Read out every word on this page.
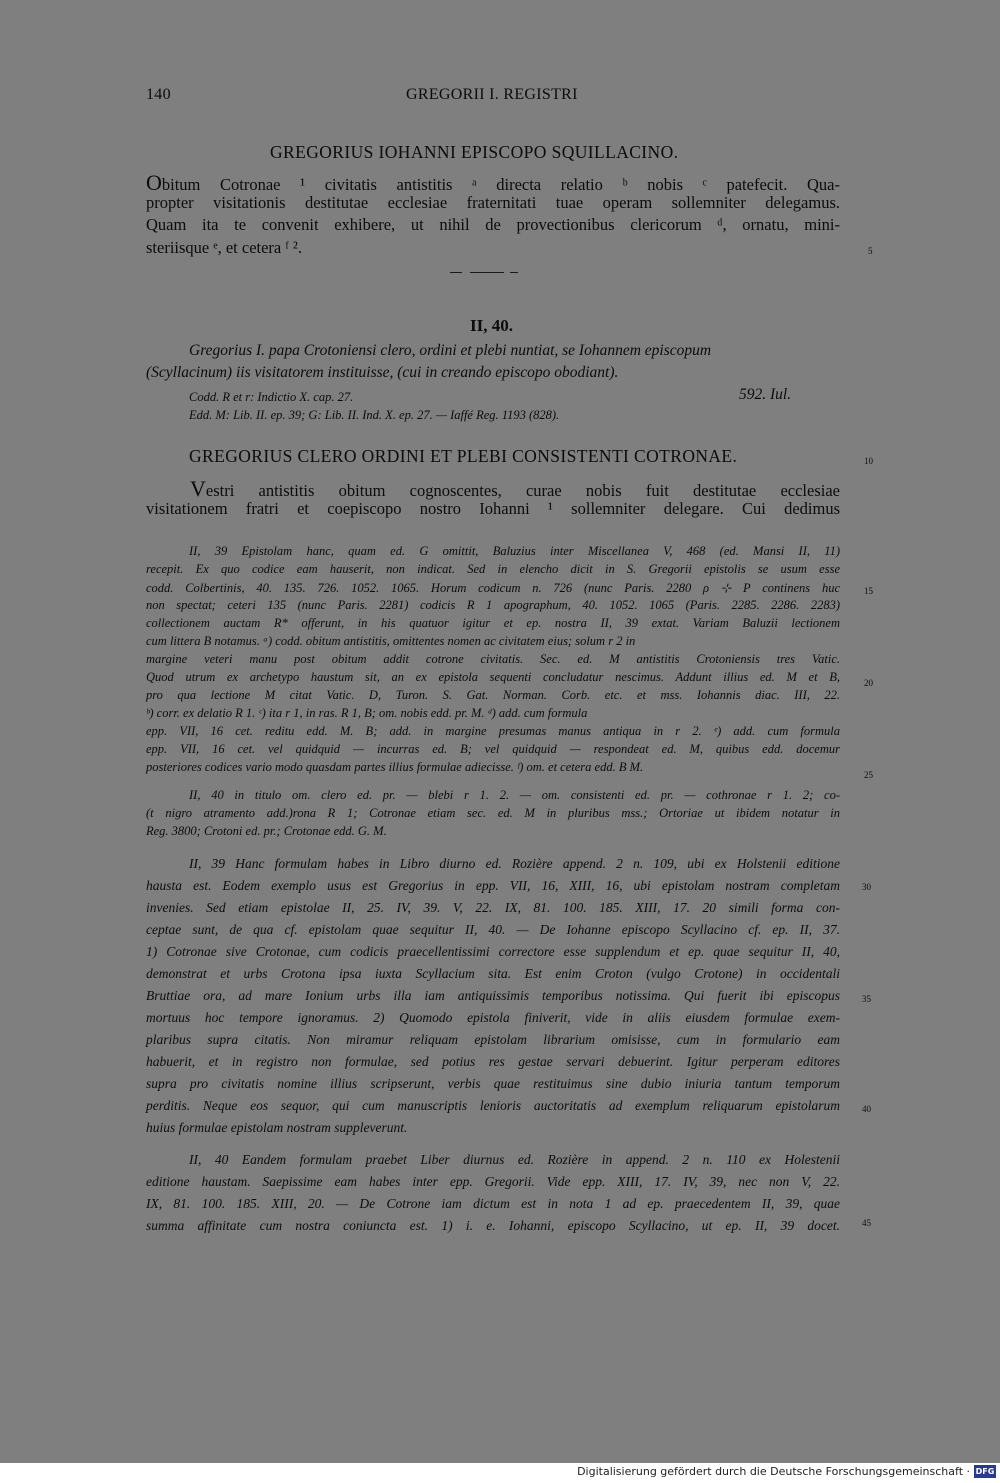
140	GREGORII I. REGISTRI
GREGORIUS IOHANNI EPISCOPO SQUILLACINO.
Obitum Cotronae ¹ civitatis antistitis ᵃ directa relatio ᵇ nobis ᶜ patefecit. Qua-
propter visitationis destitutae ecclesiae fraternitati tuae operam sollemniter delegamus.
Quam ita te convenit exhibere, ut nihil de provectionibus clericorum ᵈ, ornatu, mini-
steriisque ᵉ, et cetera ᶠ ².	5
II, 40.
Gregorius I. papa Crotoniensi clero, ordini et plebi nuntiat, se Iohannem episcopum
(Scyllacinum) iis visitatorem instituisse, (cui in creando episcopo obodiant).
Codd. R et r: Indictio X. cap. 27.	592. Iul.
Edd. M: Lib. II. ep. 39; G: Lib. II. Ind. X. ep. 27. — Iaffé Reg. 1193 (828).
GREGORIUS CLERO ORDINI ET PLEBI CONSISTENTI COTRONAE.	10
Vestri antistitis obitum cognoscentes, curae nobis fuit destitutae ecclesiae
visitationem fratri et coepiscopo nostro Iohanni ¹ sollemniter delegare. Cui dedimus
II, 39 Epistolam hanc, quam ed. G omittit, Baluzius inter Miscellanea V, 468 (ed. Mansi II, 11)
recepit. Ex quo codice eam hauserit, non indicat. Sed in elencho dicit in S. Gregorii epistolis se usum esse
codd. Colbertinis, 40. 135. 726. 1052. 1065. Horum codicum n. 726 (nunc Paris. 2280 ρ ⊹ P continens huc
non spectat; ceteri 135 (nunc Paris. 2281) codicis R 1 apographum, 40. 1052. 1065 (Paris. 2285. 2286. 2283)
collectionem auctam R* offerunt, in his quatuor igitur et ep. nostra II, 39 extat. Variam Baluzii lectionem
cum littera B notamus. ᵃ) codd. obitum antistitis, omittentes nomen ac civitatem eius; solum r 2 in
margine veteri manu post obitum addit cotrone civitatis. Sec. ed. M antistitis Crotoniensis tres Vatic.
Quod utrum ex archetypo haustum sit, an ex epistola sequenti concludatur nescimus. Addunt illius ed. M et B,
pro qua lectione M citat Vatic. D, Turon. S. Gat. Norman. Corb. etc. et mss. Iohannis diac. III, 22.
ᵇ) corr. ex delatio R 1. ᶜ) ita r 1, in ras. R 1, B; om. nobis edd. pr. M. ᵈ) add. cum formula
epp. VII, 16 cet. reditu edd. M. B; add. in margine presumas manus antiqua in r 2. ᵉ) add. cum formula
epp. VII, 16 cet. vel quidquid — incurras ed. B; vel quidquid — respondeat ed. M, quibus edd. docemur
posteriores codices vario modo quasdam partes illius formulae adiecisse. ᶠ) om. et cetera edd. B M.
II, 40 in titulo om. clero ed. pr. — blebi r 1. 2. — om. consistenti ed. pr. — cothronae r 1. 2; co-
(t nigro atramento add.)rona R 1; Cotronae etiam sec. ed. M in pluribus mss.; Ortoriae ut ibidem notatur in
Reg. 3800; Crotoni ed. pr.; Crotonae edd. G. M.
II, 39 Hanc formulam habes in Libro diurno ed. Rozière append. 2 n. 109, ubi ex Holstenii editione
hausta est. Eodem exemplo usus est Gregorius in epp. VII, 16, XIII, 16, ubi epistolam nostram completam
invenies. Sed etiam epistolae II, 25. IV, 39. V, 22. IX, 81. 100. 185. XIII, 17. 20 simili forma con-
ceptae sunt, de qua cf. epistolam quae sequitur II, 40. — De Iohanne episcopo Scyllacino cf. ep. II, 37.
1) Cotronae sive Crotonae, cum codicis praecellentissimi correctore esse supplendum et ep. quae sequitur II, 40,
demonstrat et urbs Crotona ipsa iuxta Scyllacium sita. Est enim Croton (vulgo Crotone) in occidentali
Bruttiae ora, ad mare Ionium urbs illa iam antiquissimis temporibus notissima. Qui fuerit ibi episcopus
mortuus hoc tempore ignoramus. 2) Quomodo epistola finiverit, vide in aliis eiusdem formulae exem-
plaribus supra citatis. Non miramur reliquam epistolam librarium omisisse, cum in formulario eam
habuerit, et in registro non formulae, sed potius res gestae servari debuerint. Igitur perperam editores
supra pro civitatis nomine illius scripserunt, verbis quae restituimus sine dubio iniuria tantum temporum
perditis. Neque eos sequor, qui cum manuscriptis lenioris auctoritatis ad exemplum reliquarum epistolarum
huius formulae epistolam nostram suppleverunt.
II, 40 Eandem formulam praebet Liber diurnus ed. Rozière in append. 2 n. 110 ex Holestenii
editione haustam. Saepissime eam habes inter epp. Gregorii. Vide epp. XIII, 17. IV, 39, nec non V, 22.
IX, 81. 100. 185. XIII, 20. — De Cotrone iam dictum est in nota 1 ad ep. praecedentem II, 39, quae
summa affinitate cum nostra coniuncta est. 1) i. e. Iohanni, episcopo Scyllacino, ut ep. II, 39 docet.
15
20
25
30
35
40
45
Digitalisierung gefördert durch die Deutsche Forschungsgemeinschaft · DFG
